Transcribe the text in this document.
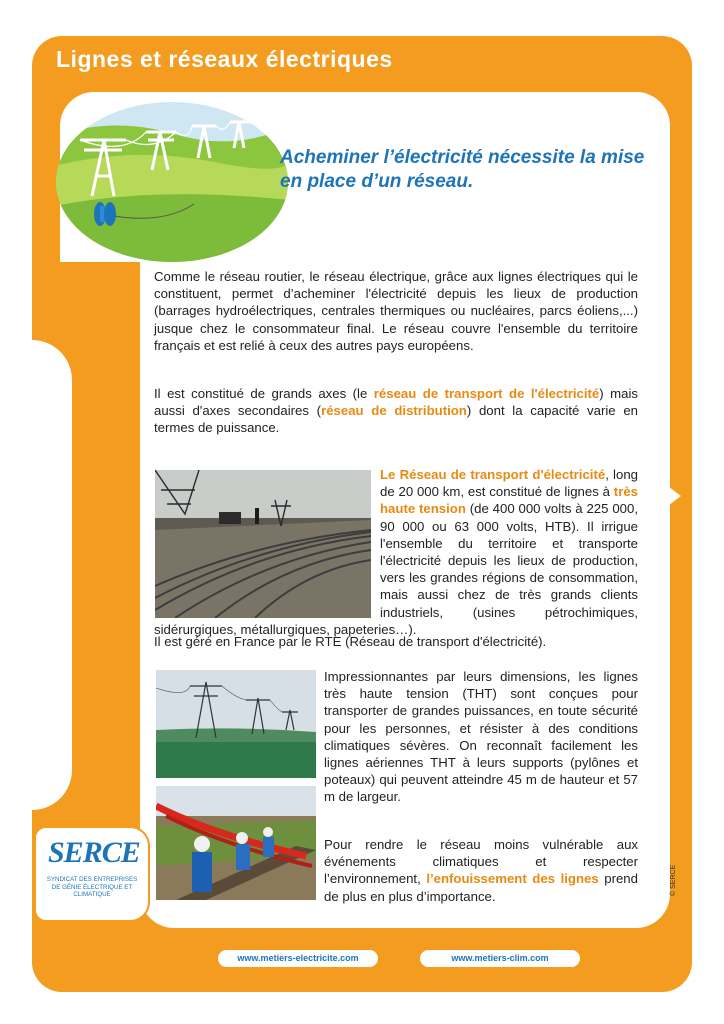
Lignes et réseaux électriques
Acheminer l’électricité nécessite la mise en place d’un réseau.

Comme le réseau routier, le réseau électrique, grâce aux lignes électriques qui le constituent, permet d’acheminer l'électricité depuis les lieux de production (barrages hydroélectriques, centrales thermiques ou nucléaires, parcs éoliens,...) jusque chez le consommateur final. Le réseau couvre l'ensemble du territoire français et est relié à ceux des autres pays européens.

Il est constitué de grands axes (le réseau de transport de l'électricité) mais aussi d'axes secondaires (réseau de distribution) dont la capacité varie en termes de puissance.

Le Réseau de transport d'électricité, long de 20 000 km, est constitué de lignes à très haute tension (de 400 000 volts à 225 000, 90 000 ou 63 000 volts, HTB). Il irrigue l'ensemble du territoire et transporte l'électricité depuis les lieux de production, vers les grandes régions de consommation, mais aussi chez de très grands clients industriels, (usines pétrochimiques, sidérurgiques, métallurgiques, papeteries…).

Il est géré en France par le RTE (Réseau de transport d'électricité).

Impressionnantes par leurs dimensions, les lignes très haute tension (THT) sont conçues pour transporter de grandes puissances, en toute sécurité pour les personnes, et résister à des conditions climatiques sévères. On reconnaît facilement les lignes aériennes THT à leurs supports (pylônes et poteaux) qui peuvent atteindre 45 m de hauteur et 57 m de largeur.

Pour rendre le réseau moins vulnérable aux événements climatiques et respecter l’environnement, l’enfouissement des lignes prend de plus en plus d’importance.

SERCE
SYNDICAT DES ENTREPRISES DE GÉNIE ÉLECTRIQUE ET CLIMATIQUE	© SERCE
www.metiers-electricite.com	www.metiers-clim.com
